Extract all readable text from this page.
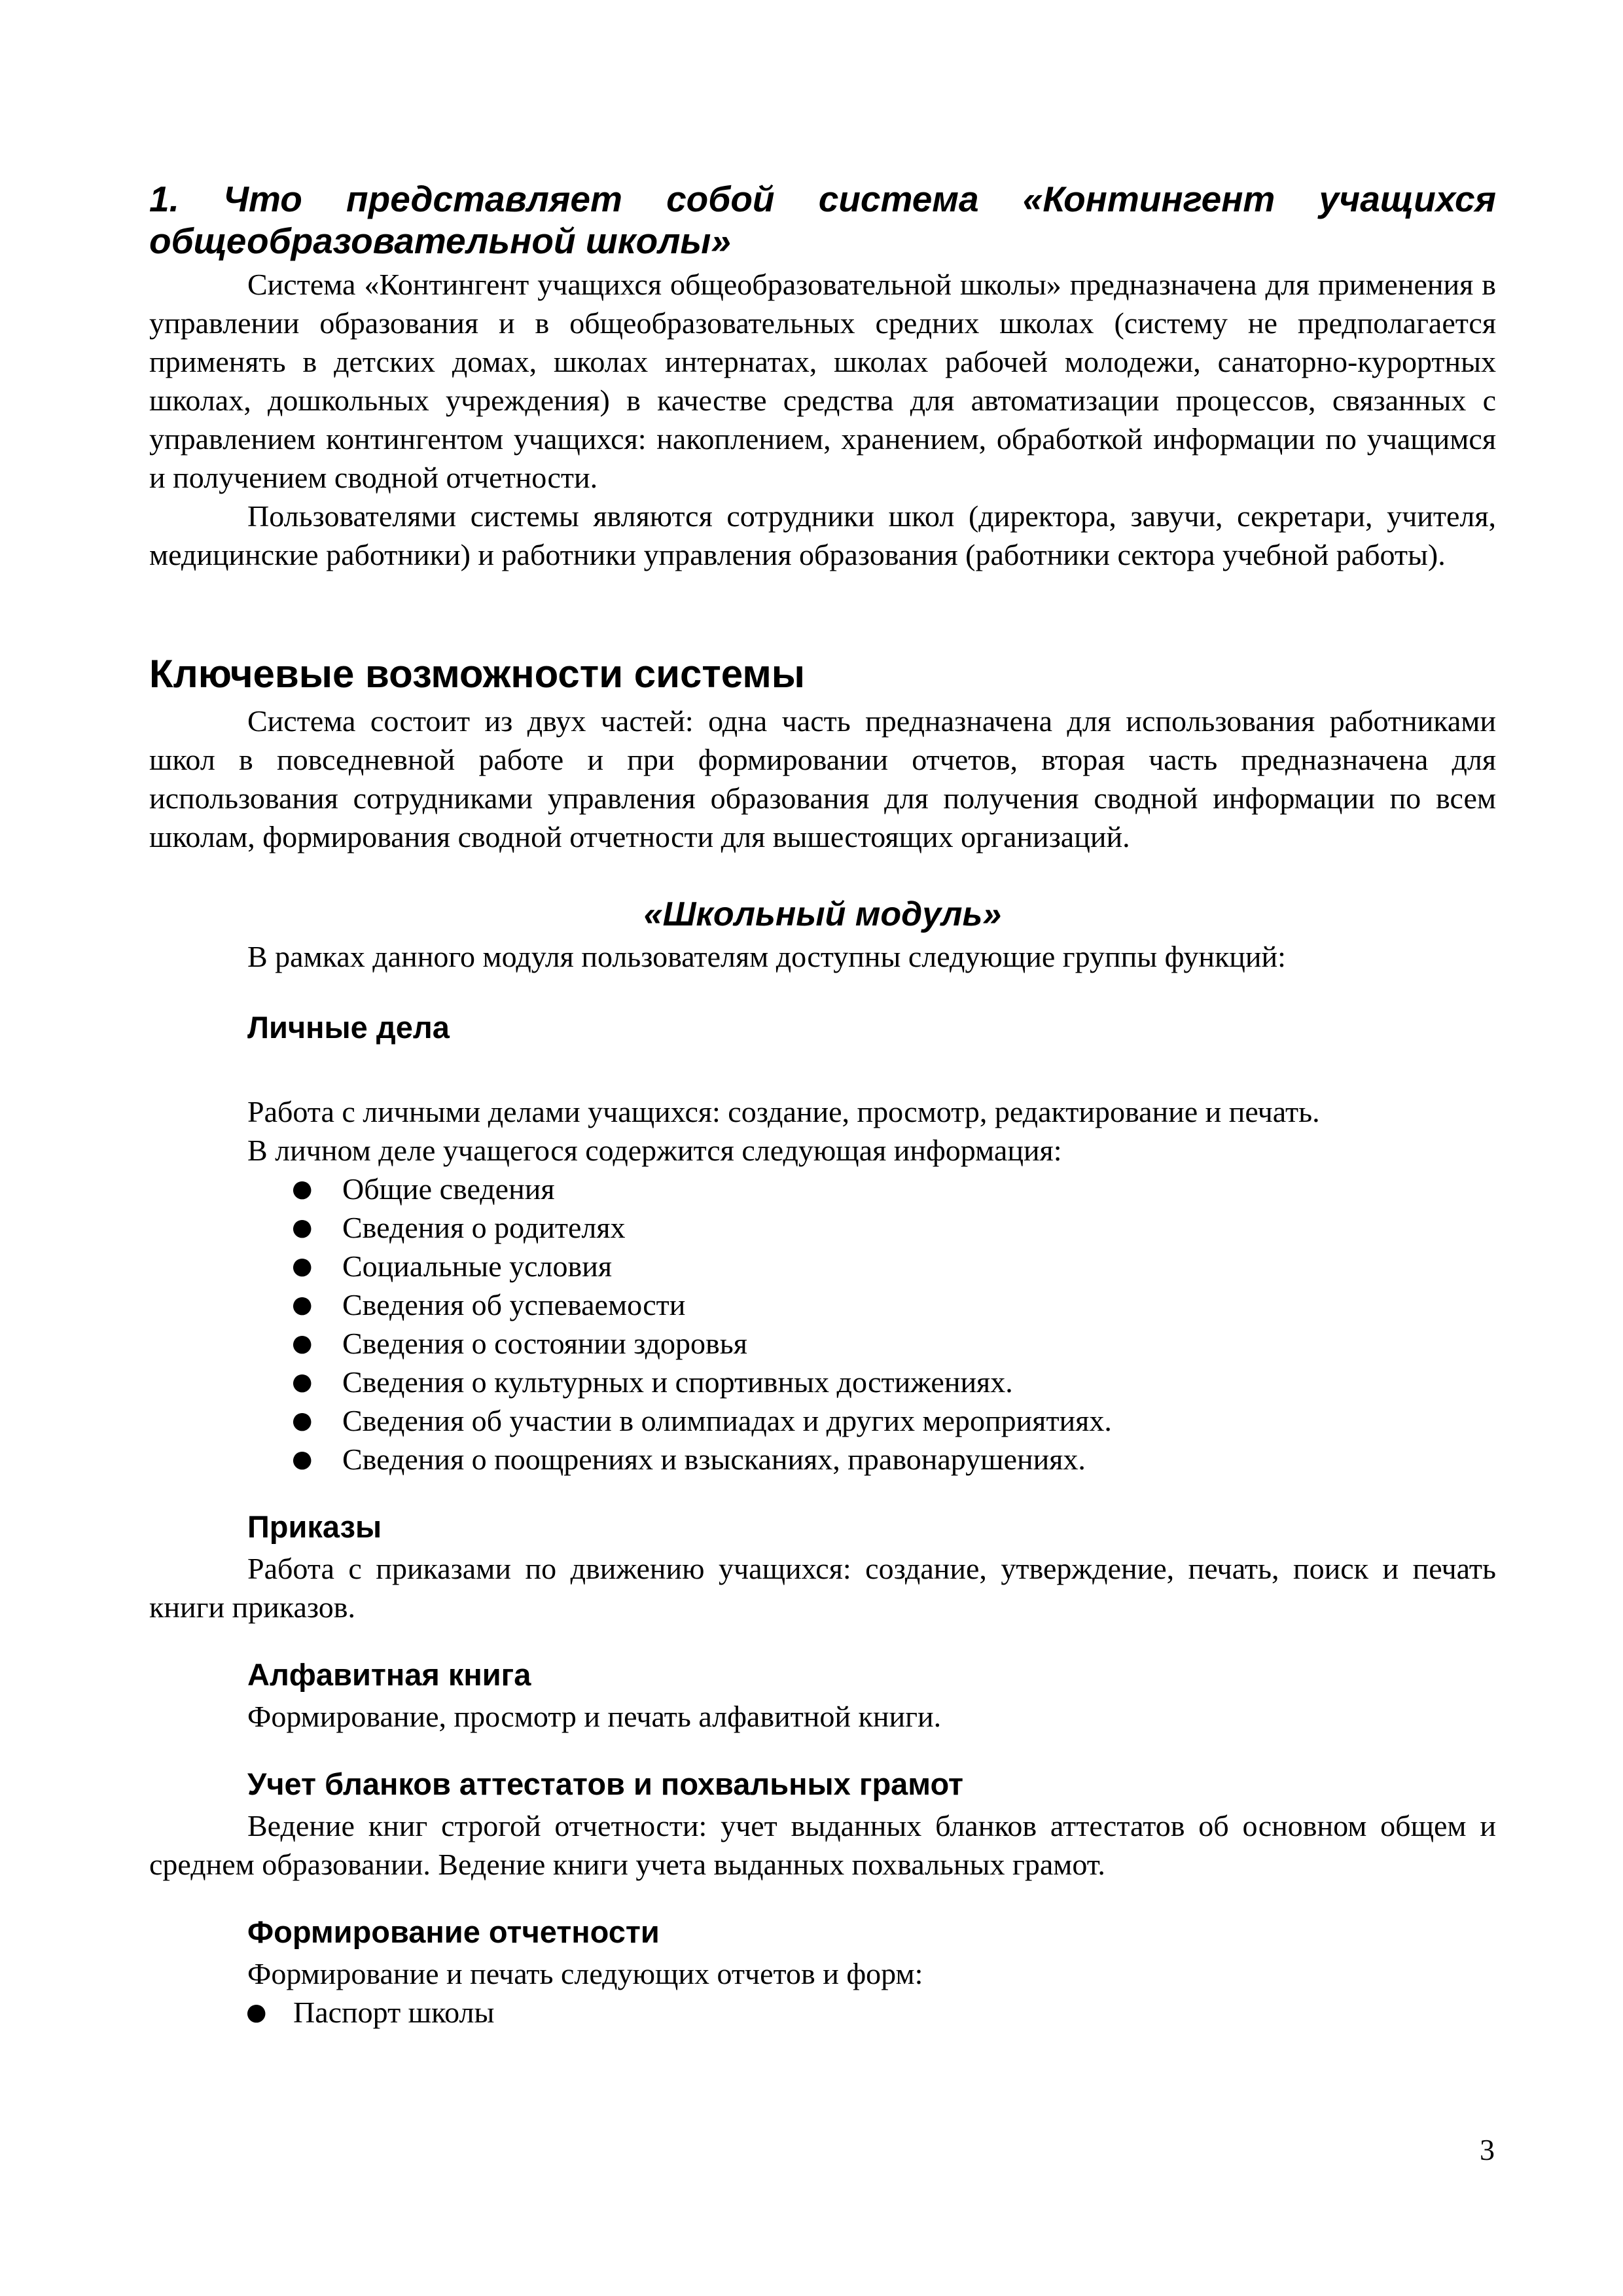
1. Что представляет собой система «Контингент учащихся
общеобразовательной школы»

Система «Контингент учащихся общеобразовательной школы» предназначена для применения в управлении образования и в общеобразовательных средних школах (систему не предполагается применять в детских домах, школах интернатах, школах рабочей молодежи, санаторно-курортных школах, дошкольных учреждения) в качестве средства для автоматизации процессов, связанных с управлением контингентом учащихся: накоплением, хранением, обработкой информации по учащимся и получением сводной отчетности.

Пользователями системы являются сотрудники школ (директора, завучи, секретари, учителя, медицинские работники) и работники управления образования (работники сектора учебной работы).

Ключевые возможности системы

Система состоит из двух частей: одна часть предназначена для использования работниками школ в повседневной работе и при формировании отчетов, вторая часть предназначена для использования сотрудниками управления образования для получения сводной информации по всем школам, формирования сводной отчетности для вышестоящих организаций.

«Школьный модуль»

В рамках данного модуля пользователям доступны следующие группы функций:

Личные дела

Работа с личными делами учащихся: создание, просмотр, редактирование и печать.

В личном деле учащегося содержится следующая информация:

● Общие сведения
● Сведения о родителях
● Социальные условия
● Сведения об успеваемости
● Сведения о состоянии здоровья
● Сведения о культурных и спортивных достижениях.
● Сведения об участии в олимпиадах и других мероприятиях.
● Сведения о поощрениях и взысканиях, правонарушениях.
Приказы

Работа с приказами по движению учащихся: создание, утверждение, печать, поиск и печать книги приказов.

Алфавитная книга

Формирование, просмотр и печать алфавитной книги.

Учет бланков аттестатов и похвальных грамот

Ведение книг строгой отчетности: учет выданных бланков аттестатов об основном общем и среднем образовании. Ведение книги учета выданных похвальных грамот.

Формирование отчетности

Формирование и печать следующих отчетов и форм:

● Паспорт школы
3
